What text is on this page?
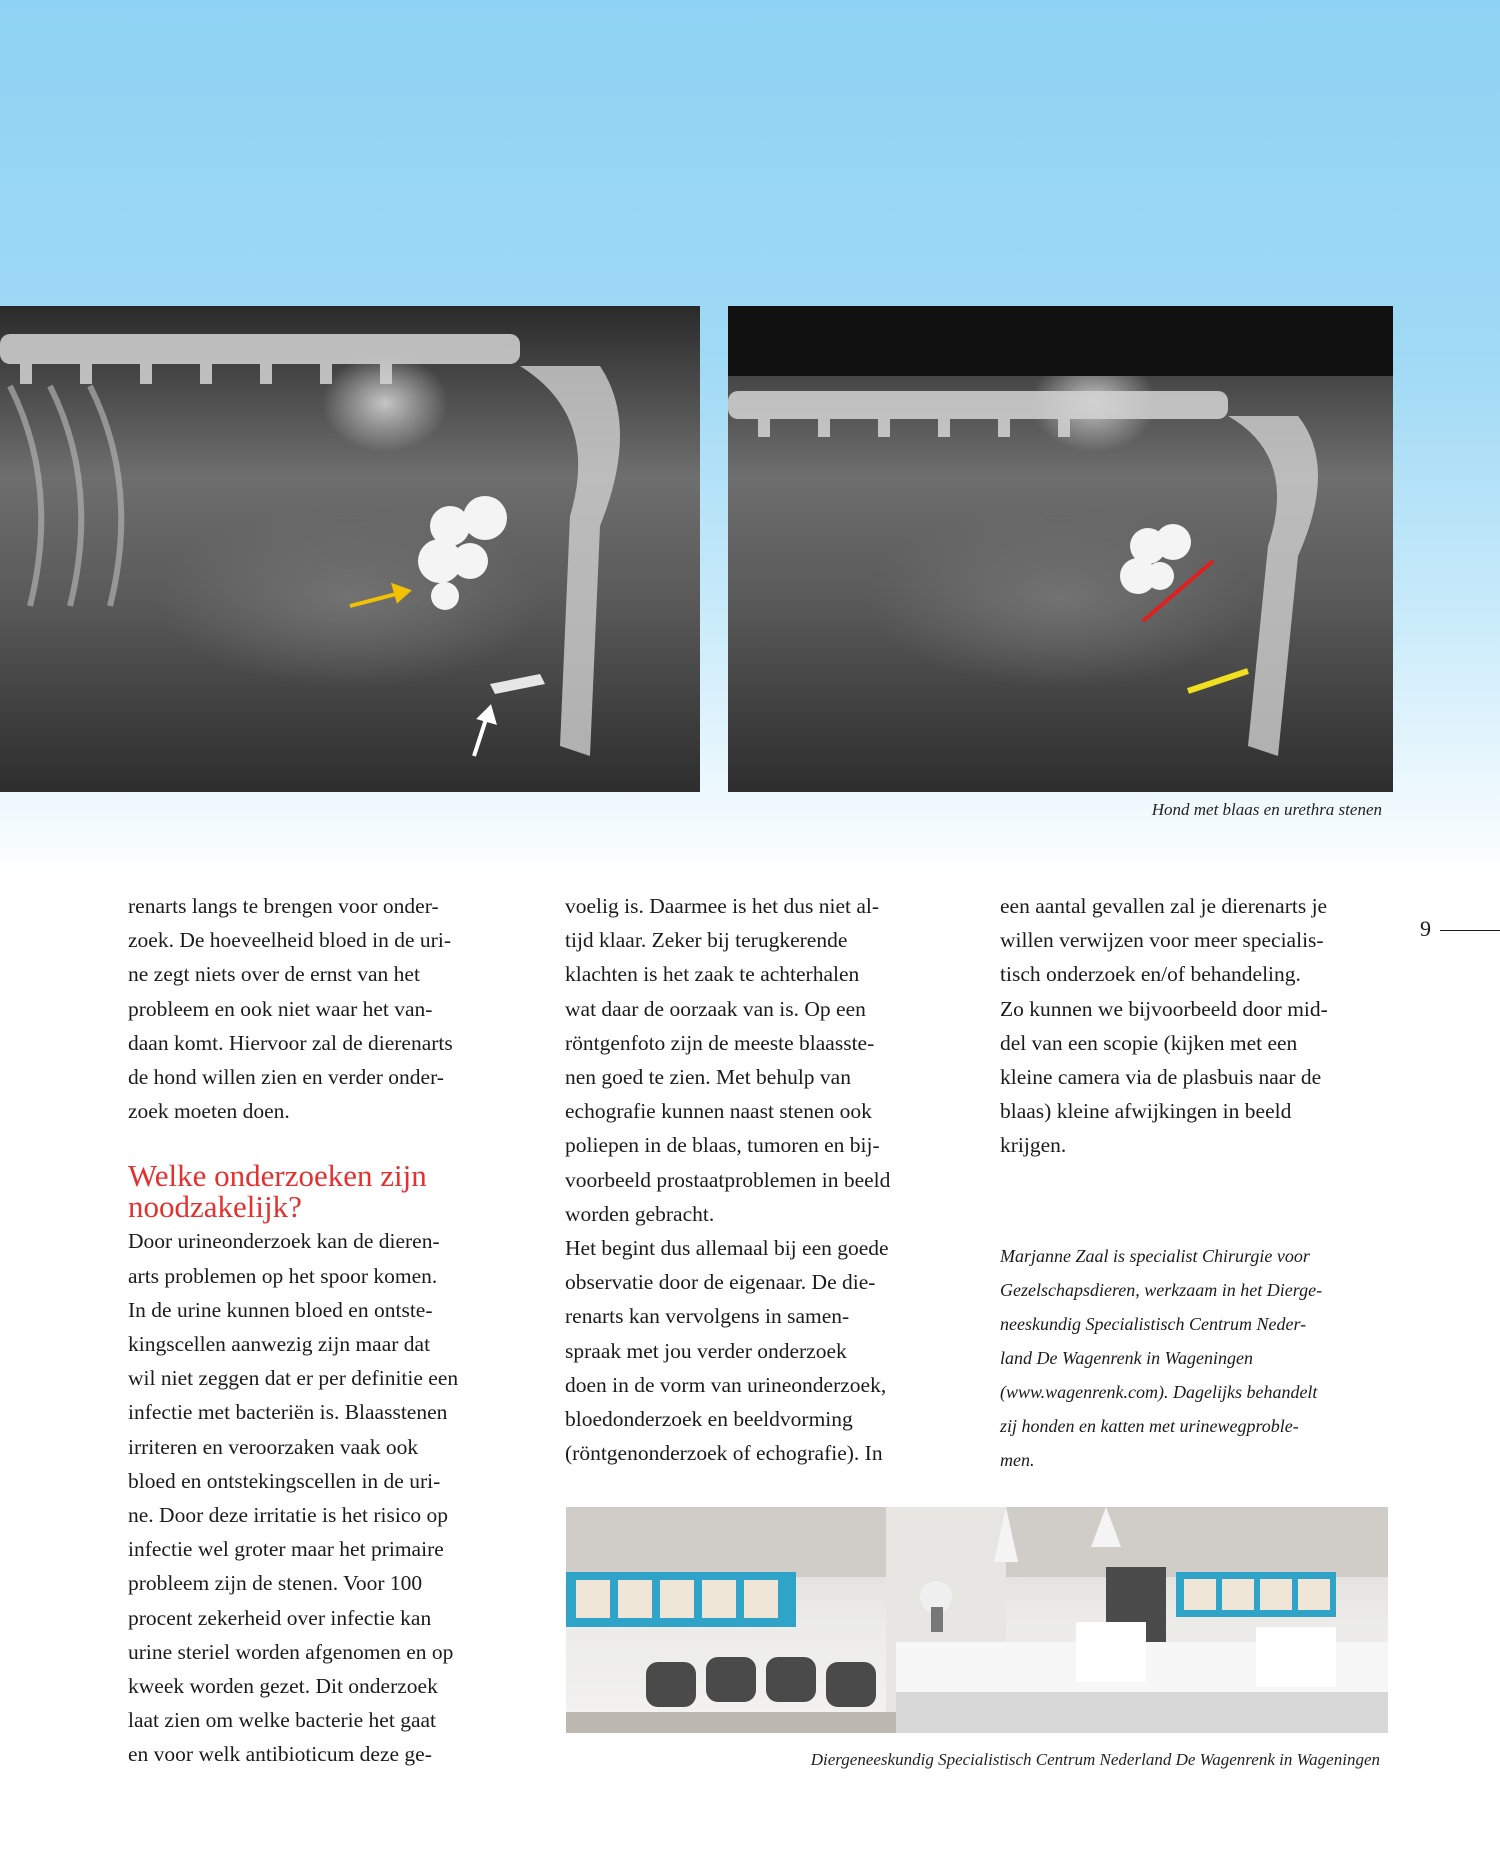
Hond met blaas en urethra stenen

renarts langs te brengen voor onder-
zoek. De hoeveelheid bloed in de uri-
ne zegt niets over de ernst van het
probleem en ook niet waar het van-
daan komt. Hiervoor zal de dierenarts
de hond willen zien en verder onder-
zoek moeten doen.

Welke onderzoeken zijn
noodzakelijk?

Door urineonderzoek kan de dieren-
arts problemen op het spoor komen.
In de urine kunnen bloed en ontste-
kingscellen aanwezig zijn maar dat
wil niet zeggen dat er per definitie een
infectie met bacteriën is. Blaasstenen
irriteren en veroorzaken vaak ook
bloed en ontstekingscellen in de uri-
ne. Door deze irritatie is het risico op
infectie wel groter maar het primaire
probleem zijn de stenen. Voor 100
procent zekerheid over infectie kan
urine steriel worden afgenomen en op
kweek worden gezet. Dit onderzoek
laat zien om welke bacterie het gaat
en voor welk antibioticum deze ge-

voelig is. Daarmee is het dus niet al-
tijd klaar. Zeker bij terugkerende
klachten is het zaak te achterhalen
wat daar de oorzaak van is. Op een
röntgenfoto zijn de meeste blaasste-
nen goed te zien. Met behulp van
echografie kunnen naast stenen ook
poliepen in de blaas, tumoren en bij-
voorbeeld prostaatproblemen in beeld
worden gebracht.

Het begint dus allemaal bij een goede
observatie door de eigenaar. De die-
renarts kan vervolgens in samen-
spraak met jou verder onderzoek
doen in de vorm van urineonderzoek,
bloedonderzoek en beeldvorming
(röntgenonderzoek of echografie). In

een aantal gevallen zal je dierenarts je
willen verwijzen voor meer specialis-
tisch onderzoek en/of behandeling.
Zo kunnen we bijvoorbeeld door mid-
del van een scopie (kijken met een
kleine camera via de plasbuis naar de
blaas) kleine afwijkingen in beeld
krijgen.

Marjanne Zaal is specialist Chirurgie voor
Gezelschapsdieren, werkzaam in het Dierge-
neeskundig Specialistisch Centrum Neder-
land De Wagenrenk in Wageningen
(www.wagenrenk.com). Dagelijks behandelt
zij honden en katten met urinewegproble-
men.

9
Diergeneeskundig Specialistisch Centrum Nederland De Wagenrenk in Wageningen
